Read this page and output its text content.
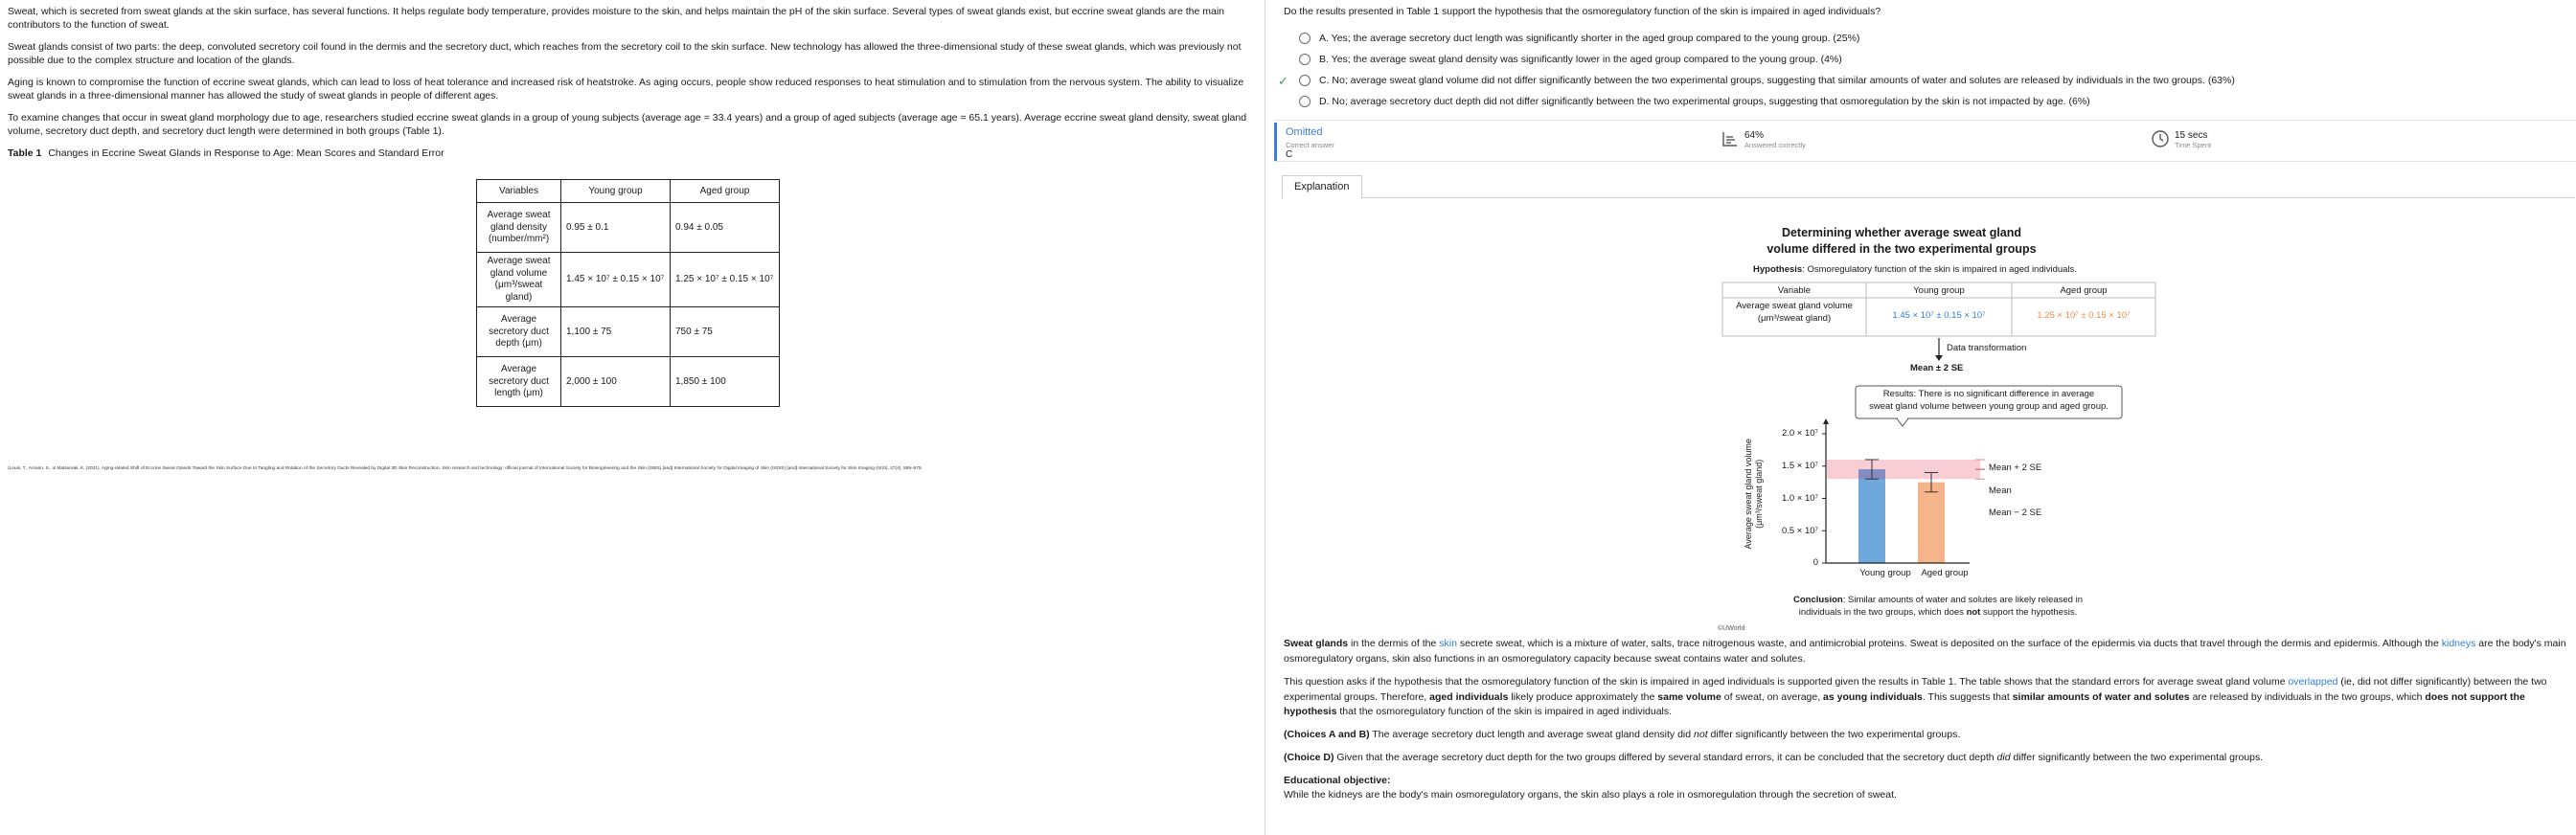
Sweat, which is secreted from sweat glands at the skin surface, has several functions. It helps regulate body temperature, provides moisture to the skin, and helps maintain the pH of the skin surface. Several types of sweat glands exist, but eccrine sweat glands are the main contributors to the function of sweat.

Sweat glands consist of two parts: the deep, convoluted secretory coil found in the dermis and the secretory duct, which reaches from the secretory coil to the skin surface. New technology has allowed the three-dimensional study of these sweat glands, which was previously not possible due to the complex structure and location of the glands.

Aging is known to compromise the function of eccrine sweat glands, which can lead to loss of heat tolerance and increased risk of heatstroke. As aging occurs, people show reduced responses to heat stimulation and to stimulation from the nervous system. The ability to visualize sweat glands in a three-dimensional manner has allowed the study of sweat glands in people of different ages.

To examine changes that occur in sweat gland morphology due to age, researchers studied eccrine sweat glands in a group of young subjects (average age = 33.4 years) and a group of aged subjects (average age = 65.1 years). Average eccrine sweat gland density, sweat gland volume, secretory duct depth, and secretory duct length were determined in both groups (Table 1).

Table 1 Changes in Eccrine Sweat Glands in Response to Age: Mean Scores and Standard Error

Variables	Young group	Aged group
Average sweat gland density (number/mm²)	0.95 ± 0.1	0.94 ± 0.05
Average sweat gland volume (μm³/sweat gland)	1.45 × 10⁷ ± 0.15 × 10⁷	1.25 × 10⁷ ± 0.15 × 10⁷
Average secretory duct depth (μm)	1,100 ± 75	750 ± 75
Average secretory duct length (μm)	2,000 ± 100	1,850 ± 100
(Louis, T., Amano, S., & Matsunaki, K. (2021). Aging-related Shift of Eccrine Sweat Glands Toward the Skin Surface Due to Tangling and Rotation of the Secretory Ducts Revealed by Digital 3D Skin Reconstruction. Skin research and technology: official journal of International Society for Bioengineering and the Skin (ISBS) [and] International Society for Digital Imaging of Skin (ISDIS) [and] International Society for Skin Imaging (ISSI), 27(4), 569–575.

Do the results presented in Table 1 support the hypothesis that the osmoregulatory function of the skin is impaired in aged individuals?

A. Yes; the average secretory duct length was significantly shorter in the aged group compared to the young group. (25%)
B. Yes; the average sweat gland density was significantly lower in the aged group compared to the young group. (4%)
✓	C. No; average sweat gland volume did not differ significantly between the two experimental groups, suggesting that similar amounts of water and solutes are released by individuals in the two groups. (63%)
D. No; average secretory duct depth did not differ significantly between the two experimental groups, suggesting that osmoregulation by the skin is not impacted by age. (6%)
Omitted
Correct answer
C
64%
Answered correctly
15 secs
Time Spent
Explanation
Determining whether average sweat gland
volume differed in the two experimental groups
Hypothesis: Osmoregulatory function of the skin is impaired in aged individuals.
Variable	Young group	Aged group
Average sweat gland volume
(μm³/sweat gland)	1.45 × 10⁷ ± 0.15 × 10⁷	1.25 × 10⁷ ± 0.15 × 10⁷
Data transformation
Mean ± 2 SE
Results: There is no significant difference in average
sweat gland volume between young group and aged group.
Average sweat gland volume (μm³/sweat gland)
0
0.5 × 10⁷
1.0 × 10⁷
1.5 × 10⁷
2.0 × 10⁷
Young group	Aged group
Mean + 2 SE
Mean
Mean − 2 SE
Conclusion: Similar amounts of water and solutes are likely released in
individuals in the two groups, which does not support the hypothesis.
©UWorld

Sweat glands in the dermis of the skin secrete sweat, which is a mixture of water, salts, trace nitrogenous waste, and antimicrobial proteins. Sweat is deposited on the surface of the epidermis via ducts that travel through the dermis and epidermis. Although the kidneys are the body's main osmoregulatory organs, skin also functions in an osmoregulatory capacity because sweat contains water and solutes.

This question asks if the hypothesis that the osmoregulatory function of the skin is impaired in aged individuals is supported given the results in Table 1. The table shows that the standard errors for average sweat gland volume overlapped (ie, did not differ significantly) between the two experimental groups. Therefore, aged individuals likely produce approximately the same volume of sweat, on average, as young individuals. This suggests that similar amounts of water and solutes are released by individuals in the two groups, which does not support the hypothesis that the osmoregulatory function of the skin is impaired in aged individuals.

(Choices A and B) The average secretory duct length and average sweat gland density did not differ significantly between the two experimental groups.

(Choice D) Given that the average secretory duct depth for the two groups differed by several standard errors, it can be concluded that the secretory duct depth did differ significantly between the two experimental groups.

Educational objective:

While the kidneys are the body's main osmoregulatory organs, the skin also plays a role in osmoregulation through the secretion of sweat.
